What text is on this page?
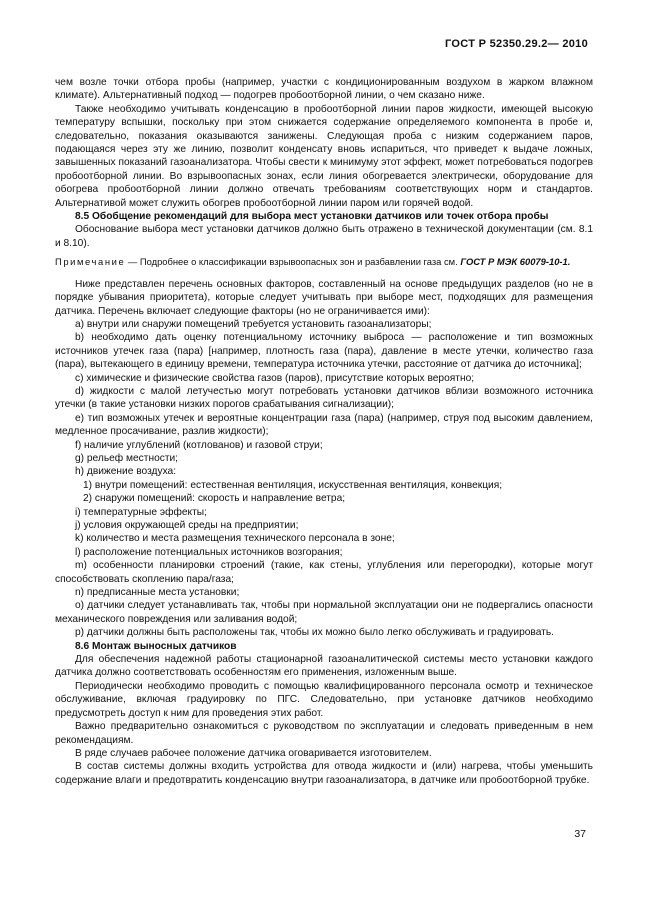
ГОСТ Р 52350.29.2— 2010

чем возле точки отбора пробы (например, участки с кондиционированным воздухом в жарком влажном климате). Альтернативный подход — подогрев пробоотборной линии, о чем сказано ниже.

Также необходимо учитывать конденсацию в пробоотборной линии паров жидкости, имеющей высокую температуру вспышки, поскольку при этом снижается содержание определяемого компонента в пробе и, следовательно, показания оказываются занижены. Следующая проба с низким содержанием паров, подающаяся через эту же линию, позволит конденсату вновь испариться, что приведет к выдаче ложных, завышенных показаний газоанализатора. Чтобы свести к минимуму этот эффект, может потребоваться подогрев пробоотборной линии. Во взрывоопасных зонах, если линия обогревается электрически, оборудование для обогрева пробоотборной линии должно отвечать требованиям соответствующих норм и стандартов. Альтернативой может служить обогрев пробоотборной линии паром или горячей водой.

8.5 Обобщение рекомендаций для выбора мест установки датчиков или точек отбора пробы

Обоснование выбора мест установки датчиков должно быть отражено в технической документации (см. 8.1 и 8.10).

Примечание — Подробнее о классификации взрывоопасных зон и разбавлении газа см. ГОСТ Р МЭК 60079-10-1.

Ниже представлен перечень основных факторов, составленный на основе предыдущих разделов (но не в порядке убывания приоритета), которые следует учитывать при выборе мест, подходящих для размещения датчика. Перечень включает следующие факторы (но не ограничивается ими):

а) внутри или снаружи помещений требуется установить газоанализаторы;

b) необходимо дать оценку потенциальному источнику выброса — расположение и тип возможных источников утечек газа (пара) [например, плотность газа (пара), давление в месте утечки, количество газа (пара), вытекающего в единицу времени, температура источника утечки, расстояние от датчика до источника];

c) химические и физические свойства газов (паров), присутствие которых вероятно;

d) жидкости с малой летучестью могут потребовать установки датчиков вблизи возможного источника утечки (в такие установки низких порогов срабатывания сигнализации);

e) тип возможных утечек и вероятные концентрации газа (пара) (например, струя под высоким давлением, медленное просачивание, разлив жидкости);

f) наличие углублений (котлованов) и газовой струи;

g) рельеф местности;

h) движение воздуха:

1) внутри помещений: естественная вентиляция, искусственная вентиляция, конвекция;

2) снаружи помещений: скорость и направление ветра;

i) температурные эффекты;

j) условия окружающей среды на предприятии;

k) количество и места размещения технического персонала в зоне;

l) расположение потенциальных источников возгорания;

m) особенности планировки строений (такие, как стены, углубления или перегородки), которые могут способствовать скоплению пара/газа;

n) предписанные места установки;

o) датчики следует устанавливать так, чтобы при нормальной эксплуатации они не подвергались опасности механического повреждения или заливания водой;

р) датчики должны быть расположены так, чтобы их можно было легко обслуживать и градуировать.

8.6 Монтаж выносных датчиков

Для обеспечения надежной работы стационарной газоаналитической системы место установки каждого датчика должно соответствовать особенностям его применения, изложенным выше.

Периодически необходимо проводить с помощью квалифицированного персонала осмотр и техническое обслуживание, включая градуировку по ПГС. Следовательно, при установке датчиков необходимо предусмотреть доступ к ним для проведения этих работ.

Важно предварительно ознакомиться с руководством по эксплуатации и следовать приведенным в нем рекомендациям.

В ряде случаев рабочее положение датчика оговаривается изготовителем.

В состав системы должны входить устройства для отвода жидкости и (или) нагрева, чтобы уменьшить содержание влаги и предотвратить конденсацию внутри газоанализатора, в датчике или пробоотборной трубке.

37
